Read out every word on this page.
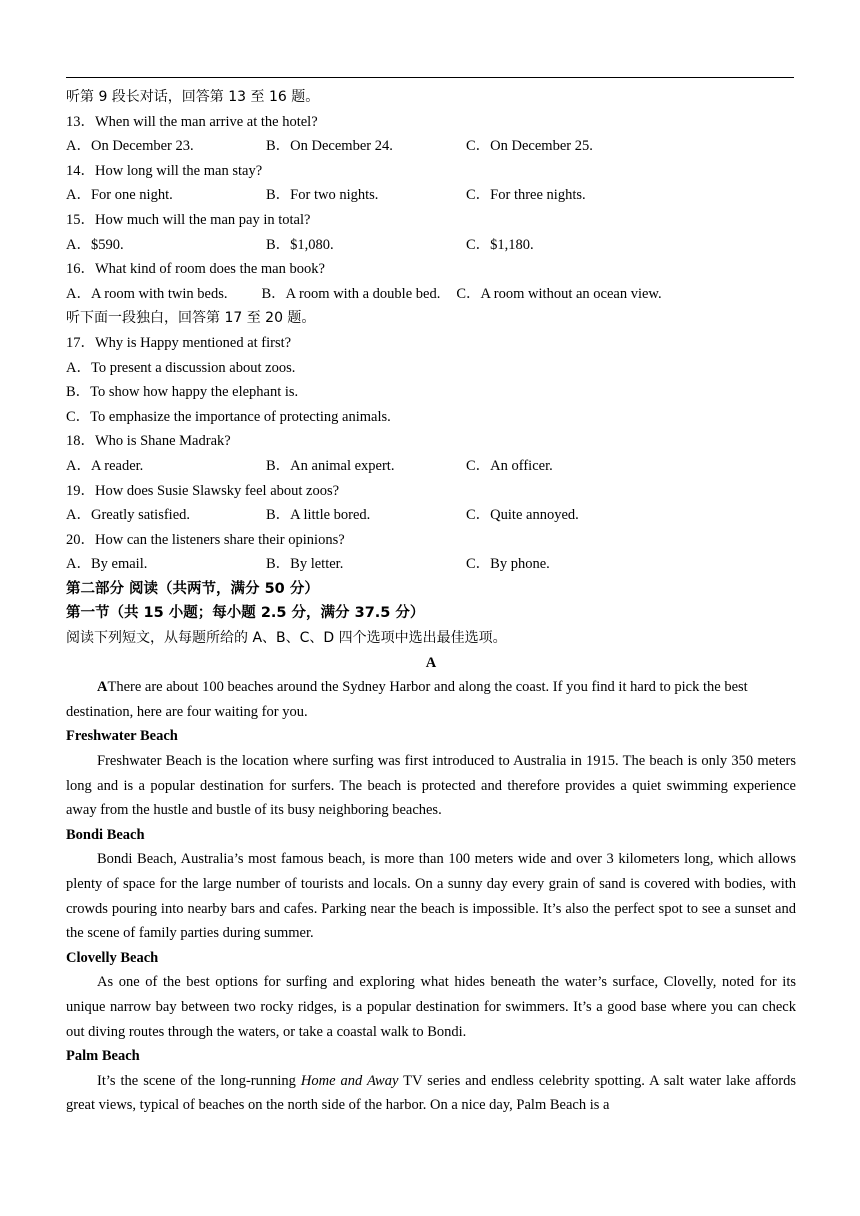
听第 9 段长对话，回答第 13 至 16 题。
13．When will the man arrive at the hotel?
A．On December 23.	B．On December 24.	C．On December 25.
14．How long will the man stay?
A．For one night.	B．For two nights.	C．For three nights.
15．How much will the man pay in total?
A．$590.	B．$1,080.	C．$1,180.
16．What kind of room does the man book?
A．A room with twin beds. B．A room with a double bed. C．A room without an ocean view.
听下面一段独白，回答第 17 至 20 题。
17．Why is Happy mentioned at first?
A．To present a discussion about zoos.
B．To show how happy the elephant is.
C．To emphasize the importance of protecting animals.
18．Who is Shane Madrak?
A．A reader.	B．An animal expert.	C．An officer.
19．How does Susie Slawsky feel about zoos?
A．Greatly satisfied.	B．A little bored.	C．Quite annoyed.
20．How can the listeners share their opinions?
A．By email.	B．By letter.	C．By phone.
第二部分 阅读（共两节，满分 50 分）
第一节（共 15 小题；每小题 2.5 分，满分 37.5 分）
阅读下列短文，从每题所给的 A、B、C、D 四个选项中选出最佳选项。
A
AThere are about 100 beaches around the Sydney Harbor and along the coast. If you find it hard to pick the best destination, here are four waiting for you.
Freshwater Beach
Freshwater Beach is the location where surfing was first introduced to Australia in 1915. The beach is only 350 meters long and is a popular destination for surfers. The beach is protected and therefore provides a quiet swimming experience away from the hustle and bustle of its busy neighboring beaches.
Bondi Beach
Bondi Beach, Australia’s most famous beach, is more than 100 meters wide and over 3 kilometers long, which allows plenty of space for the large number of tourists and locals. On a sunny day every grain of sand is covered with bodies, with crowds pouring into nearby bars and cafes. Parking near the beach is impossible. It’s also the perfect spot to see a sunset and the scene of family parties during summer.
Clovelly Beach
As one of the best options for surfing and exploring what hides beneath the water’s surface, Clovelly, noted for its unique narrow bay between two rocky ridges, is a popular destination for swimmers. It’s a good base where you can check out diving routes through the waters, or take a coastal walk to Bondi.
Palm Beach
It’s the scene of the long-running Home and Away TV series and endless celebrity spotting. A salt water lake affords great views, typical of beaches on the north side of the harbor. On a nice day, Palm Beach is a
